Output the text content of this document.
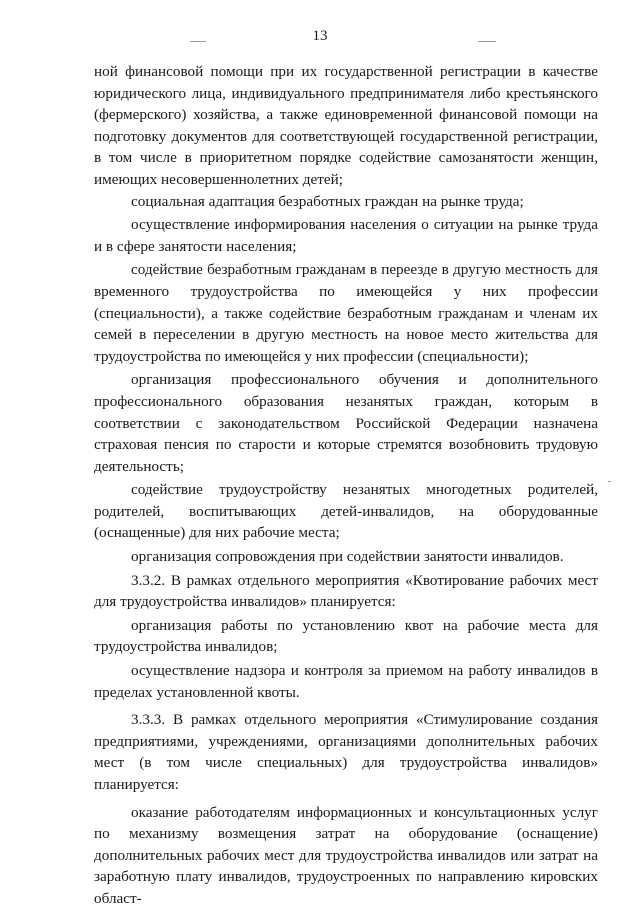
13

ной финансовой помощи при их государственной регистрации в качестве юридического лица, индивидуального предпринимателя либо крестьянского (фермерского) хозяйства, а также единовременной финансовой помощи на подготовку документов для соответствующей государственной регистрации, в том числе в приоритетном порядке содействие самозанятости женщин, имеющих несовершеннолетних детей;

социальная адаптация безработных граждан на рынке труда;

осуществление информирования населения о ситуации на рынке труда и в сфере занятости населения;

содействие безработным гражданам в переезде в другую местность для временного трудоустройства по имеющейся у них профессии (специальности), а также содействие безработным гражданам и членам их семей в переселении в другую местность на новое место жительства для трудоустройства по имеющейся у них профессии (специальности);

организация профессионального обучения и дополнительного профессионального образования незанятых граждан, которым в соответствии с законодательством Российской Федерации назначена страховая пенсия по старости и которые стремятся возобновить трудовую деятельность;

содействие трудоустройству незанятых многодетных родителей, родителей, воспитывающих детей-инвалидов, на оборудованные (оснащенные) для них рабочие места;

организация сопровождения при содействии занятости инвалидов.

3.3.2. В рамках отдельного мероприятия «Квотирование рабочих мест для трудоустройства инвалидов» планируется:

организация работы по установлению квот на рабочие места для трудоустройства инвалидов;

осуществление надзора и контроля за приемом на работу инвалидов в пределах установленной квоты.

3.3.3. В рамках отдельного мероприятия «Стимулирование создания предприятиями, учреждениями, организациями дополнительных рабочих мест (в том числе специальных) для трудоустройства инвалидов» планируется:

оказание работодателям информационных и консультационных услуг по механизму возмещения затрат на оборудование (оснащение) дополнительных рабочих мест для трудоустройства инвалидов или затрат на заработную плату инвалидов, трудоустроенных по направлению кировских област-
